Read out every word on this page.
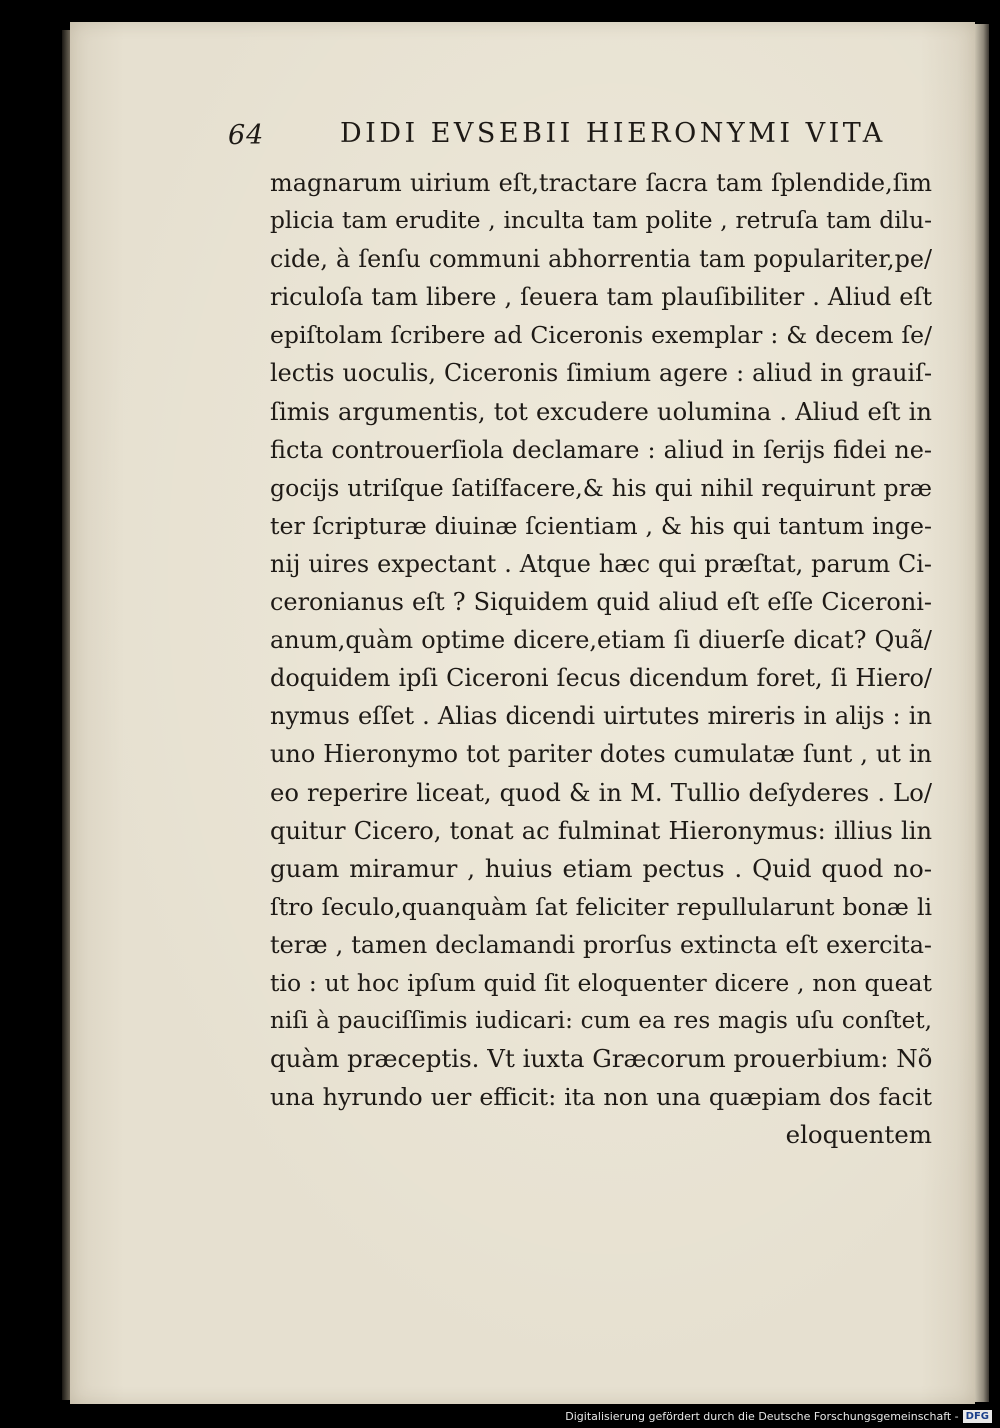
64	DIDI EVSEBII HIERONYMI VITA
magnarum uirium eſt,tractare ſacra tam ſplendide,ſim
plicia tam erudite , inculta tam polite , retruſa tam dilu-
cide, à ſenſu communi abhorrentia tam populariter,pe/
riculoſa tam libere , ſeuera tam plauſibiliter . Aliud eſt
epiſtolam ſcribere ad Ciceronis exemplar : & decem ſe/
lectis uoculis, Ciceronis ſimium agere : aliud in grauiſ-
ſimis argumentis, tot excudere uolumina . Aliud eſt in
ficta controuerſiola declamare : aliud in ſerijs fidei ne-
gocijs utriſque ſatiſfacere,& his qui nihil requirunt præ
ter ſcripturæ diuinæ ſcientiam , & his qui tantum inge-
nij uires expectant . Atque hæc qui præſtat, parum Ci-
ceronianus eſt ? Siquidem quid aliud eſt eſſe Ciceroni-
anum,quàm optime dicere,etiam ſi diuerſe dicat? Quã/
doquidem ipſi Ciceroni ſecus dicendum foret, ſi Hiero/
nymus eſſet . Alias dicendi uirtutes mireris in alijs : in
uno Hieronymo tot pariter dotes cumulatæ ſunt , ut in
eo reperire liceat, quod & in M. Tullio deſyderes . Lo/
quitur Cicero, tonat ac fulminat Hieronymus: illius lin
guam miramur , huius etiam pectus . Quid quod no-
ſtro ſeculo,quanquàm ſat feliciter repullularunt bonæ li
teræ , tamen declamandi prorſus extincta eſt exercita-
tio : ut hoc ipſum quid ſit eloquenter dicere , non queat
niſi à pauciſſimis iudicari: cum ea res magis uſu conſtet,
quàm præceptis. Vt iuxta Græcorum prouerbium: Nõ
una hyrundo uer efficit: ita non una quæpiam dos facit
eloquentem
Digitalisierung gefördert durch die Deutsche Forschungsgemeinschaft - DFG
